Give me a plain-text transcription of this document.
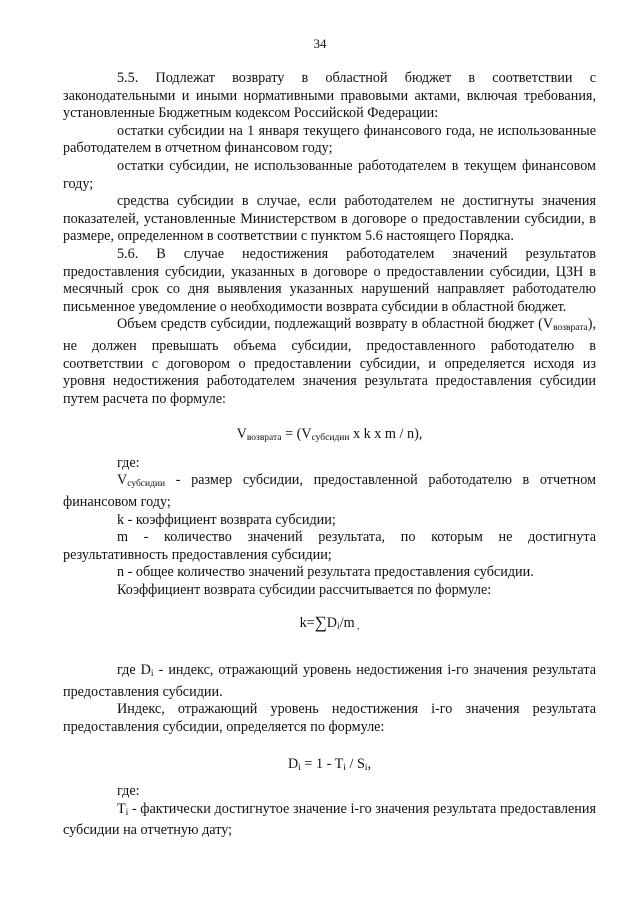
34

5.5. Подлежат возврату в областной бюджет в соответствии с законодательными и иными нормативными правовыми актами, включая требования, установленные Бюджетным кодексом Российской Федерации:

остатки субсидии на 1 января текущего финансового года, не использованные работодателем в отчетном финансовом году;

остатки субсидии, не использованные работодателем в текущем финансовом году;

средства субсидии в случае, если работодателем не достигнуты значения показателей, установленные Министерством в договоре о предоставлении субсидии, в размере, определенном в соответствии с пунктом 5.6 настоящего Порядка.

5.6. В случае недостижения работодателем значений результатов предоставления субсидии, указанных в договоре о предоставлении субсидии, ЦЗН в месячный срок со дня выявления указанных нарушений направляет работодателю письменное уведомление о необходимости возврата субсидии в областной бюджет.

Объем средств субсидии, подлежащий возврату в областной бюджет $(V_{возврата})$, не должен превышать объема субсидии, предоставленного работодателю в соответствии с договором о предоставлении субсидии, и определяется исходя из уровня недостижения работодателем значения результата предоставления субсидии путем расчета по формуле:

$V_{возврата} = (V_{субсидии}$ x k x m / n),

где:

$V_{субсидии}$ - размер субсидии, предоставленной работодателю в отчетном финансовом году;

k - коэффициент возврата субсидии;

m - количество значений результата, по которым не достигнута результативность предоставления субсидии;

n - общее количество значений результата предоставления субсидии.

Коэффициент возврата субсидии рассчитывается по формуле:

$k=\sum D_i/m$ $_,$

где $D_i$ - индекс, отражающий уровень недостижения i-го значения результата предоставления субсидии.

Индекс, отражающий уровень недостижения i-го значения результата предоставления субсидии, определяется по формуле:

$D_i = 1 - T_i / S_i$,

где:

$T_i$ - фактически достигнутое значение i-го значения результата предоставления субсидии на отчетную дату;
